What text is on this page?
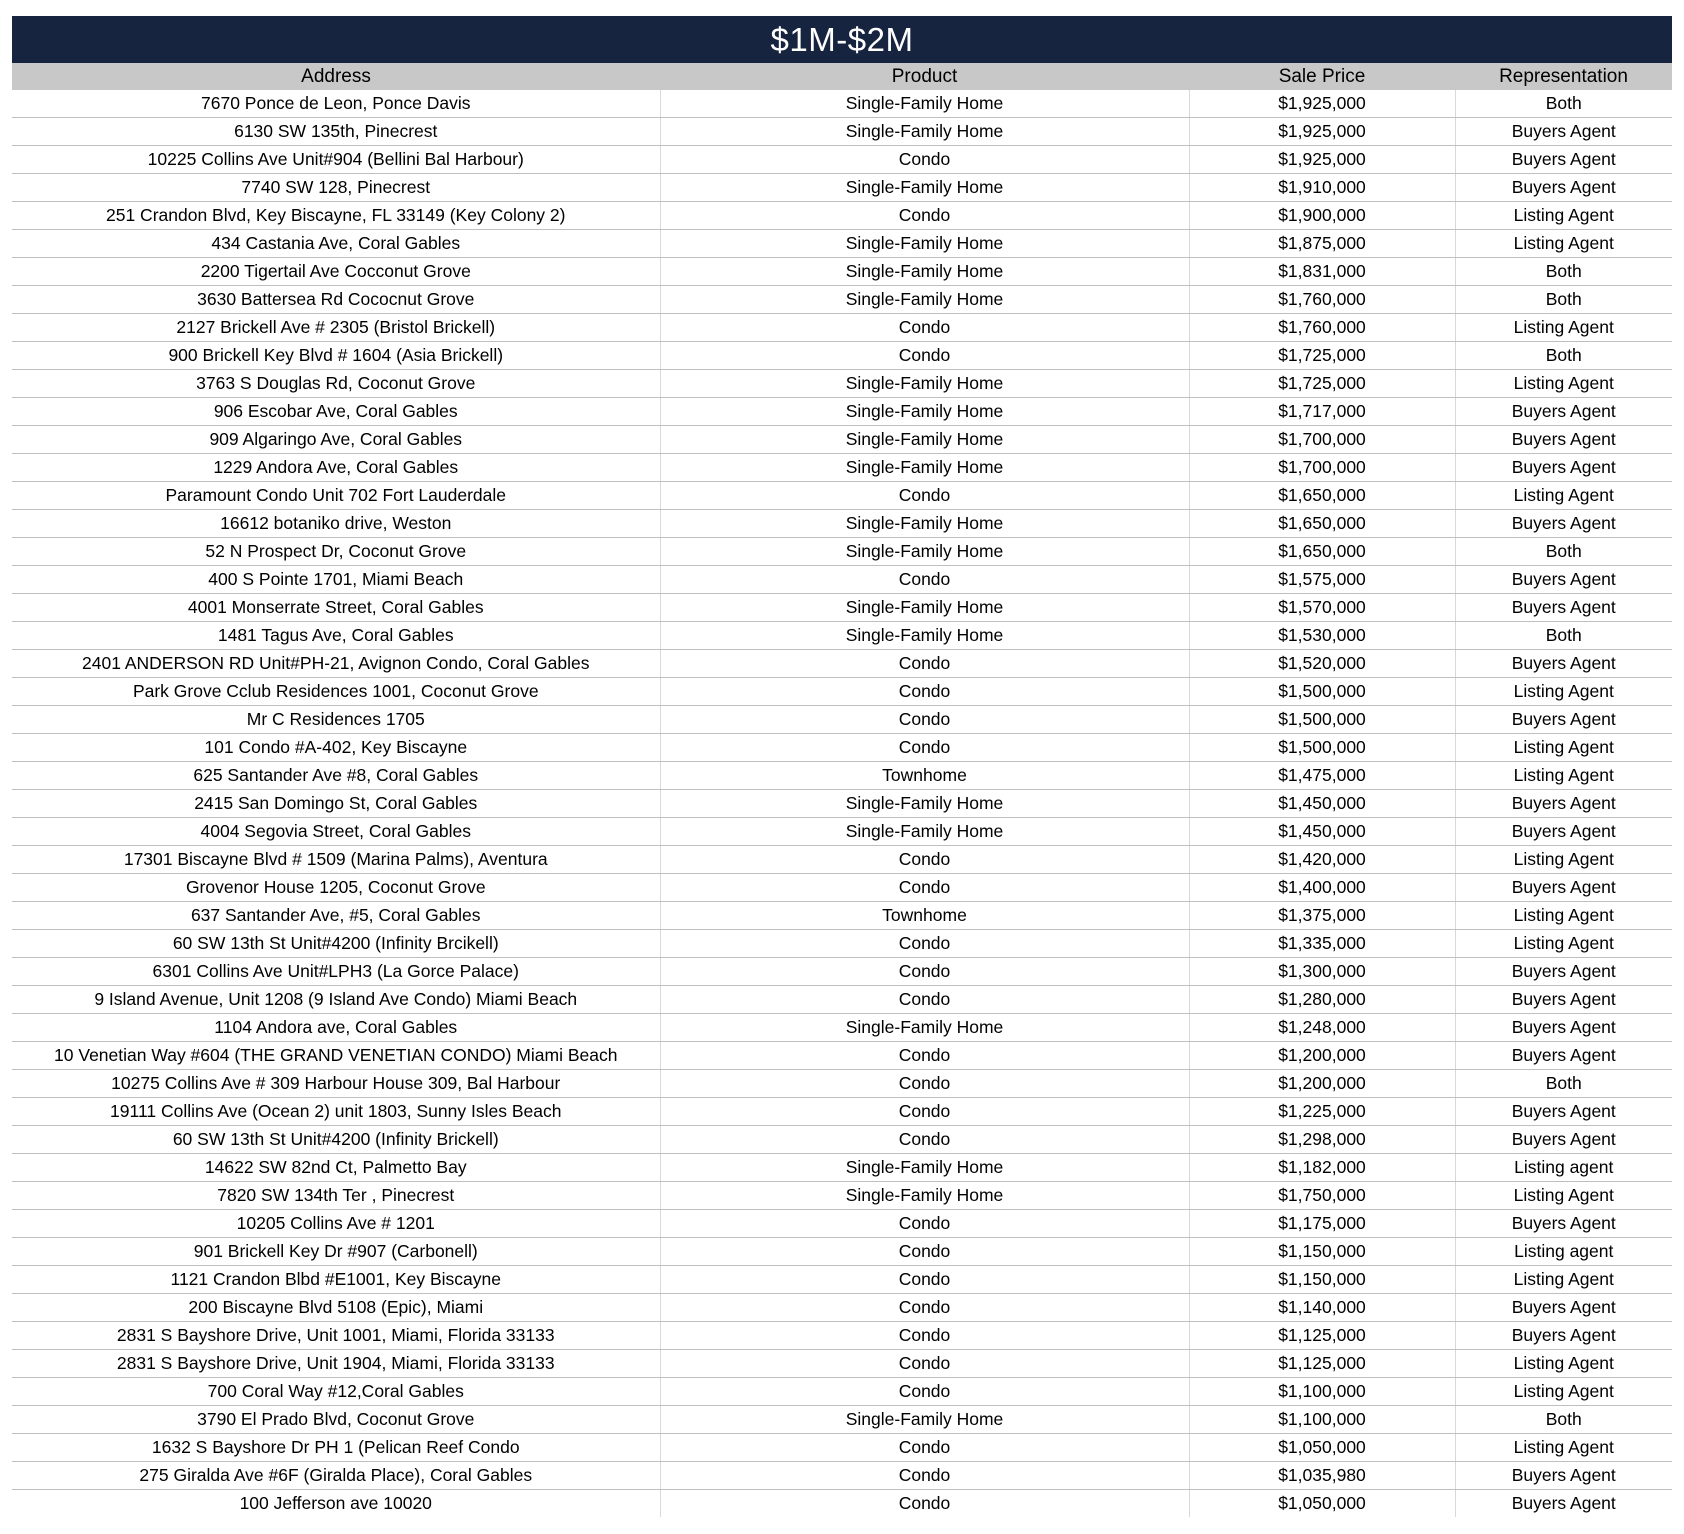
$1M-$2M
Address	Product	Sale Price	Representation
7670 Ponce de Leon, Ponce Davis	Single-Family Home	$1,925,000	Both
6130 SW 135th, Pinecrest	Single-Family Home	$1,925,000	Buyers Agent
10225 Collins Ave Unit#904 (Bellini Bal Harbour)	Condo	$1,925,000	Buyers Agent
7740 SW 128, Pinecrest	Single-Family Home	$1,910,000	Buyers Agent
251 Crandon Blvd, Key Biscayne, FL 33149 (Key Colony 2)	Condo	$1,900,000	Listing Agent
434 Castania Ave, Coral Gables	Single-Family Home	$1,875,000	Listing Agent
2200 Tigertail Ave Cocconut Grove	Single-Family Home	$1,831,000	Both
3630 Battersea Rd Cococnut Grove	Single-Family Home	$1,760,000	Both
2127 Brickell Ave # 2305 (Bristol Brickell)	Condo	$1,760,000	Listing Agent
900 Brickell Key Blvd # 1604 (Asia Brickell)	Condo	$1,725,000	Both
3763 S Douglas Rd, Coconut Grove	Single-Family Home	$1,725,000	Listing Agent
906 Escobar Ave, Coral Gables	Single-Family Home	$1,717,000	Buyers Agent
909 Algaringo Ave, Coral Gables	Single-Family Home	$1,700,000	Buyers Agent
1229 Andora Ave, Coral Gables	Single-Family Home	$1,700,000	Buyers Agent
Paramount Condo Unit 702 Fort Lauderdale	Condo	$1,650,000	Listing Agent
16612 botaniko drive, Weston	Single-Family Home	$1,650,000	Buyers Agent
52 N Prospect Dr, Coconut Grove	Single-Family Home	$1,650,000	Both
400 S Pointe 1701, Miami Beach	Condo	$1,575,000	Buyers Agent
4001 Monserrate Street, Coral Gables	Single-Family Home	$1,570,000	Buyers Agent
1481 Tagus Ave, Coral Gables	Single-Family Home	$1,530,000	Both
2401 ANDERSON RD Unit#PH-21, Avignon Condo, Coral Gables	Condo	$1,520,000	Buyers Agent
Park Grove Cclub Residences 1001, Coconut Grove	Condo	$1,500,000	Listing Agent
Mr C Residences 1705	Condo	$1,500,000	Buyers Agent
101 Condo #A-402, Key Biscayne	Condo	$1,500,000	Listing Agent
625 Santander Ave #8, Coral Gables	Townhome	$1,475,000	Listing Agent
2415 San Domingo St, Coral Gables	Single-Family Home	$1,450,000	Buyers Agent
4004 Segovia Street, Coral Gables	Single-Family Home	$1,450,000	Buyers Agent
17301 Biscayne Blvd # 1509 (Marina Palms), Aventura	Condo	$1,420,000	Listing Agent
Grovenor House 1205, Coconut Grove	Condo	$1,400,000	Buyers Agent
637 Santander Ave, #5, Coral Gables	Townhome	$1,375,000	Listing Agent
60 SW 13th St Unit#4200 (Infinity Brcikell)	Condo	$1,335,000	Listing Agent
6301 Collins Ave Unit#LPH3 (La Gorce Palace)	Condo	$1,300,000	Buyers Agent
9 Island Avenue, Unit 1208 (9 Island Ave Condo) Miami Beach	Condo	$1,280,000	Buyers Agent
1104 Andora ave, Coral Gables	Single-Family Home	$1,248,000	Buyers Agent
10 Venetian Way #604 (THE GRAND VENETIAN CONDO) Miami Beach	Condo	$1,200,000	Buyers Agent
10275 Collins Ave # 309 Harbour House 309, Bal Harbour	Condo	$1,200,000	Both
19111 Collins Ave (Ocean 2) unit 1803, Sunny Isles Beach	Condo	$1,225,000	Buyers Agent
60 SW 13th St Unit#4200 (Infinity Brickell)	Condo	$1,298,000	Buyers Agent
14622 SW 82nd Ct, Palmetto Bay	Single-Family Home	$1,182,000	Listing agent
7820 SW 134th Ter , Pinecrest	Single-Family Home	$1,750,000	Listing Agent
10205 Collins Ave # 1201	Condo	$1,175,000	Buyers Agent
901 Brickell Key Dr #907 (Carbonell)	Condo	$1,150,000	Listing agent
1121 Crandon Blbd #E1001, Key Biscayne	Condo	$1,150,000	Listing Agent
200 Biscayne Blvd 5108 (Epic), Miami	Condo	$1,140,000	Buyers Agent
2831 S Bayshore Drive, Unit 1001, Miami, Florida 33133	Condo	$1,125,000	Buyers Agent
2831 S Bayshore Drive, Unit 1904, Miami, Florida 33133	Condo	$1,125,000	Listing Agent
700 Coral Way #12,Coral Gables	Condo	$1,100,000	Listing Agent
3790 El Prado Blvd, Coconut Grove	Single-Family Home	$1,100,000	Both
1632 S Bayshore Dr PH 1 (Pelican Reef Condo	Condo	$1,050,000	Listing Agent
275 Giralda Ave #6F (Giralda Place), Coral Gables	Condo	$1,035,980	Buyers Agent
100 Jefferson ave 10020	Condo	$1,050,000	Buyers Agent
